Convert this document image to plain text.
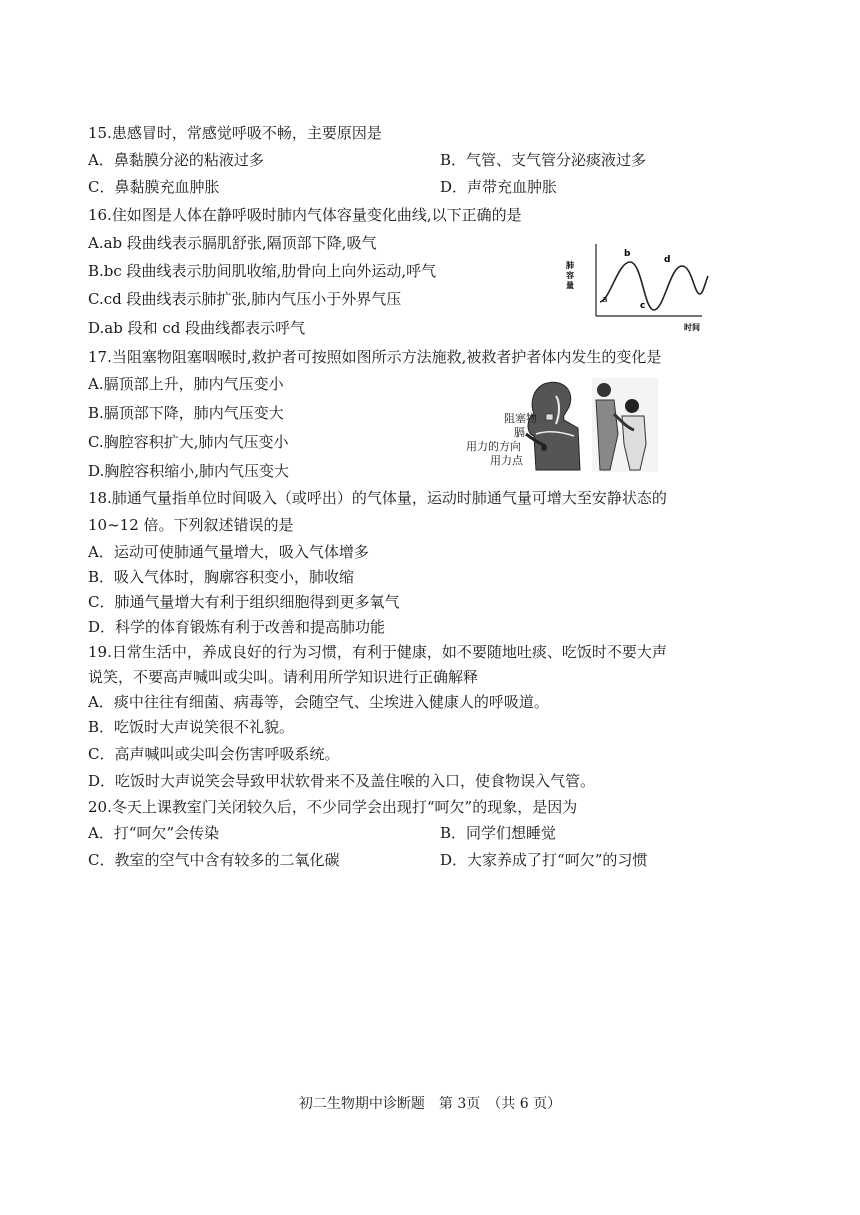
15.患感冒时，常感觉呼吸不畅，主要原因是
A．鼻黏膜分泌的粘液过多	B．气管、支气管分泌痰液过多
C．鼻黏膜充血肿胀	D．声带充血肿胀
16.住如图是人体在静呼吸时肺内气体容量变化曲线,以下正确的是
A.ab 段曲线表示膈肌舒张,隔顶部下降,吸气
B.bc 段曲线表示肋间肌收缩,肋骨向上向外运动,呼气
C.cd 段曲线表示肺扩张,肺内气压小于外界气压
D.ab 段和 cd 段曲线都表示呼气
肺
容
量
a
b
c
d
时间
17.当阻塞物阻塞咽喉时,救护者可按照如图所示方法施救,被救者护者体内发生的变化是
A.膈顶部上升，肺内气压变小
B.膈顶部下降，肺内气压变大
C.胸腔容积扩大,肺内气压变小
D.胸腔容积缩小,肺内气压变大
阻塞物
膈
用力的方向
用力点
18.肺通气量指单位时间吸入（或呼出）的气体量，运动时肺通气量可增大至安静状态的
10~12 倍。下列叙述错误的是
A．运动可使肺通气量增大，吸入气体增多
B．吸入气体时，胸廓容积变小，肺收缩
C．肺通气量增大有利于组织细胞得到更多氧气
D．科学的体育锻炼有利于改善和提高肺功能
19.日常生活中，养成良好的行为习惯，有利于健康，如不要随地吐痰、吃饭时不要大声
说笑，不要高声喊叫或尖叫。请利用所学知识进行正确解释
A．痰中往往有细菌、病毒等，会随空气、尘埃进入健康人的呼吸道。
B．吃饭时大声说笑很不礼貌。
C．高声喊叫或尖叫会伤害呼吸系统。
D．吃饭时大声说笑会导致甲状软骨来不及盖住喉的入口，使食物误入气管。
20.冬天上课教室门关闭较久后，不少同学会出现打“呵欠”的现象，是因为
A．打“呵欠”会传染	B．同学们想睡觉
C．教室的空气中含有较多的二氧化碳	D．大家养成了打“呵欠”的习惯
初二生物期中诊断题　第 3页　（共 6 页）
